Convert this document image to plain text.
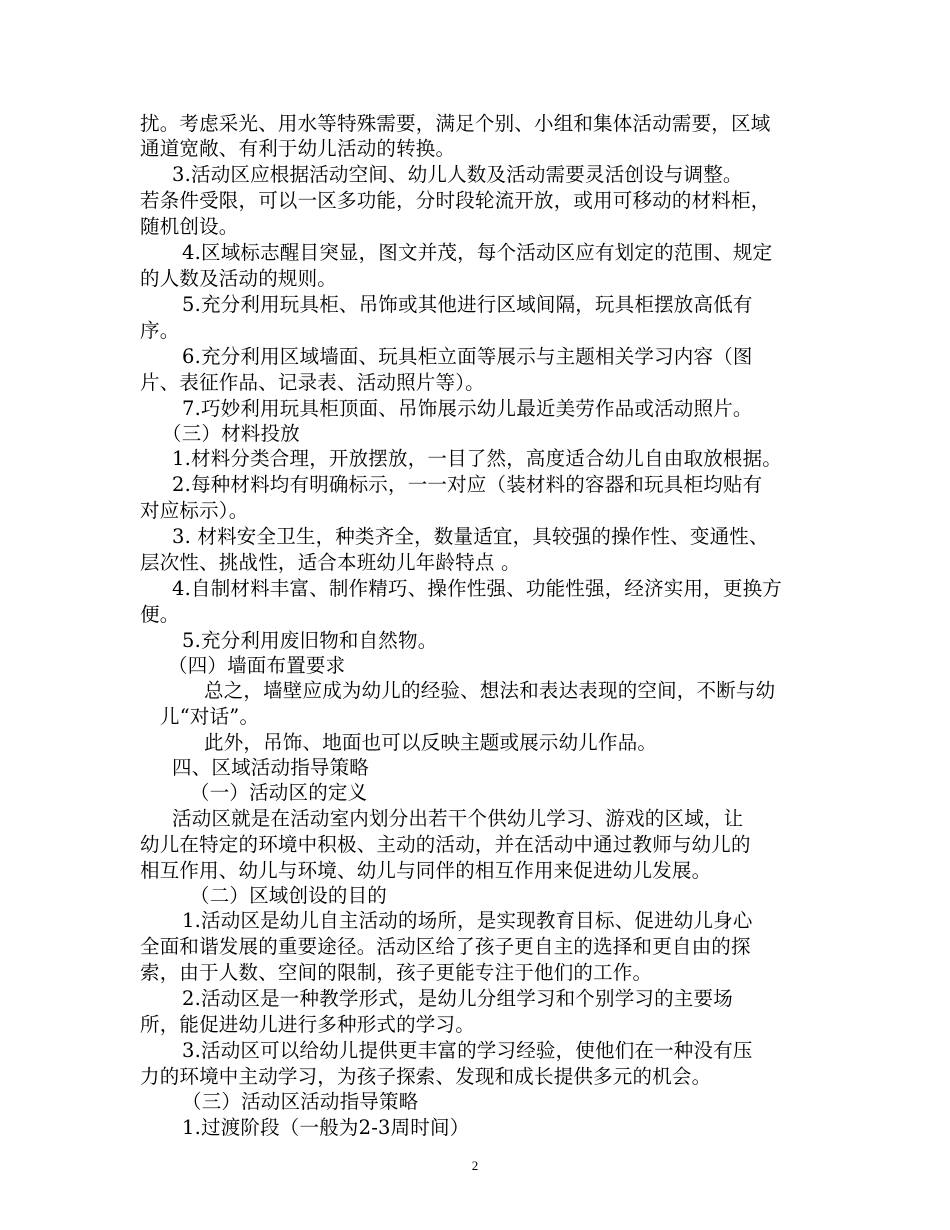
扰。考虑采光、用水等特殊需要，满足个别、小组和集体活动需要，区域
通道宽敞、有利于幼儿活动的转换。
3.活动区应根据活动空间、幼儿人数及活动需要灵活创设与调整。
若条件受限，可以一区多功能，分时段轮流开放，或用可移动的材料柜，
随机创设。
4.区域标志醒目突显，图文并茂，每个活动区应有划定的范围、规定
的人数及活动的规则。
5.充分利用玩具柜、吊饰或其他进行区域间隔，玩具柜摆放高低有
序。
6.充分利用区域墙面、玩具柜立面等展示与主题相关学习内容（图
片、表征作品、记录表、活动照片等）。
7.巧妙利用玩具柜顶面、吊饰展示幼儿最近美劳作品或活动照片。
（三）材料投放
1.材料分类合理，开放摆放，一目了然，高度适合幼儿自由取放根据。
2.每种材料均有明确标示，一一对应（装材料的容器和玩具柜均贴有
对应标示）。
3. 材料安全卫生，种类齐全，数量适宜，具较强的操作性、变通性、
层次性、挑战性，适合本班幼儿年龄特点 。
4.自制材料丰富、制作精巧、操作性强、功能性强，经济实用，更换方
便。
5.充分利用废旧物和自然物。
（四）墙面布置要求
总之，墙壁应成为幼儿的经验、想法和表达表现的空间，不断与幼
儿“对话”。
此外，吊饰、地面也可以反映主题或展示幼儿作品。
四、区域活动指导策略
（一）活动区的定义
活动区就是在活动室内划分出若干个供幼儿学习、游戏的区域，让
幼儿在特定的环境中积极、主动的活动，并在活动中通过教师与幼儿的
相互作用、幼儿与环境、幼儿与同伴的相互作用来促进幼儿发展。
（二）区域创设的目的
1.活动区是幼儿自主活动的场所，是实现教育目标、促进幼儿身心
全面和谐发展的重要途径。活动区给了孩子更自主的选择和更自由的探
索，由于人数、空间的限制，孩子更能专注于他们的工作。
2.活动区是一种教学形式，是幼儿分组学习和个别学习的主要场
所，能促进幼儿进行多种形式的学习。
3.活动区可以给幼儿提供更丰富的学习经验，使他们在一种没有压
力的环境中主动学习，为孩子探索、发现和成长提供多元的机会。
（三）活动区活动指导策略
1.过渡阶段（一般为2-3周时间）
2
